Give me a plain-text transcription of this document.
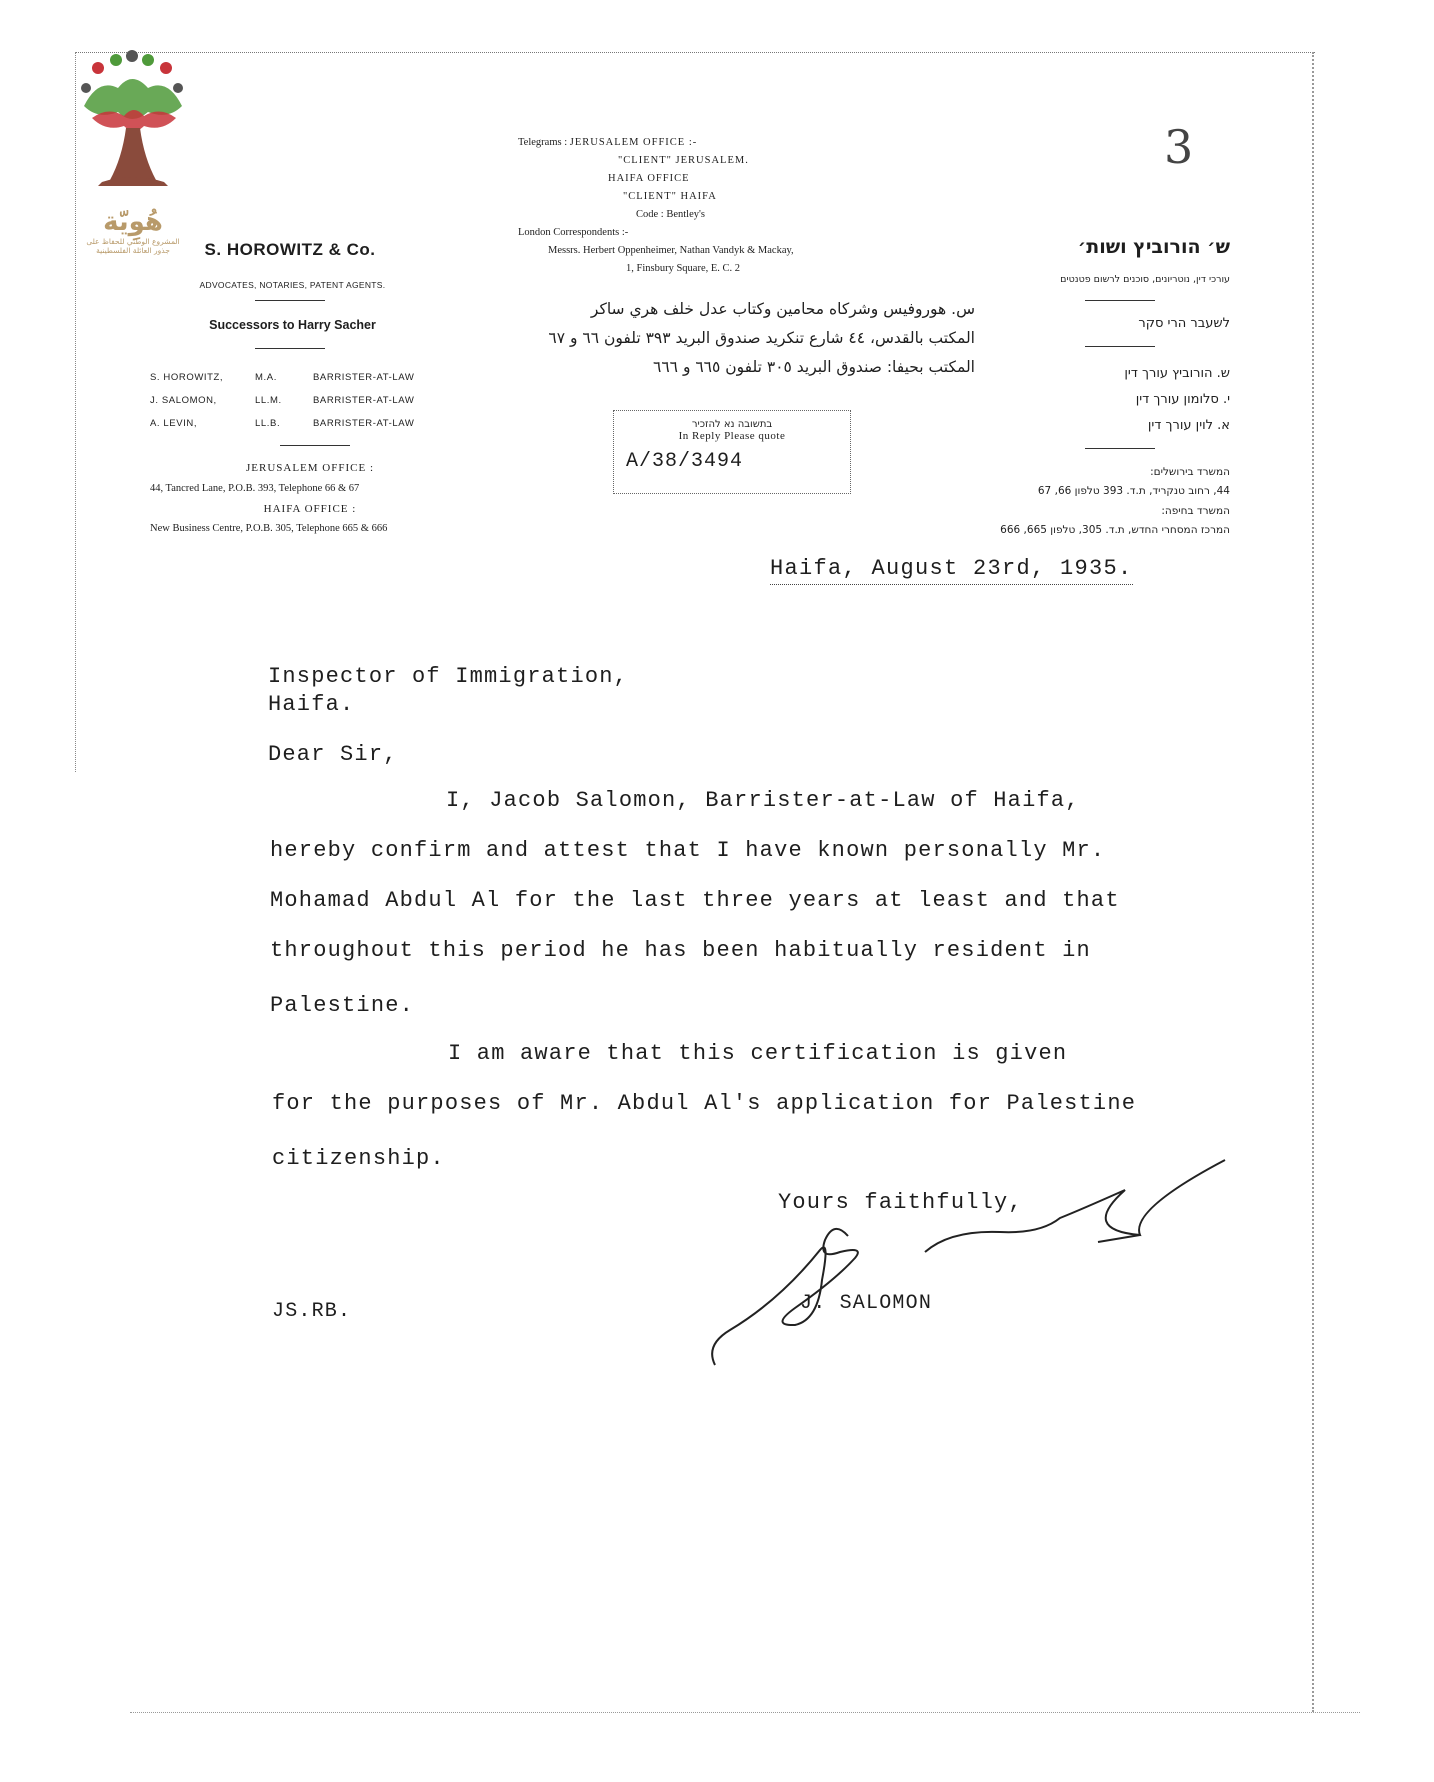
هُوِيّة
المشروع الوطني للحفاظ على
جذور العائلة الفلسطينية	S. HOROWITZ & Co.
ADVOCATES, NOTARIES, PATENT AGENTS.
Successors to Harry Sacher
S. HOROWITZ,	M.A.	BARRISTER-AT-LAW
J. SALOMON,	LL.M.	BARRISTER-AT-LAW
A. LEVIN,	LL.B.	BARRISTER-AT-LAW
JERUSALEM OFFICE :
44, Tancred Lane, P.O.B. 393, Telephone 66 & 67
HAIFA OFFICE :
New Business Centre, P.O.B. 305, Telephone 665 & 666
Telegrams : JERUSALEM OFFICE :-
"CLIENT" JERUSALEM.
HAIFA OFFICE
"CLIENT" HAIFA
Code : Bentley's
London Correspondents :-
Messrs. Herbert Oppenheimer, Nathan Vandyk & Mackay,
1, Finsbury Square, E. C. 2
س. هوروفيس وشركاه محامين وكتاب عدل خلف هري ساكر
المكتب بالقدس، ٤٤ شارع تنكريد صندوق البريد ٣٩٣ تلفون ٦٦ و ٦٧
المكتب بحيفا: صندوق البريد ٣٠٥ تلفون ٦٦٥ و ٦٦٦
בתשובה נא להזכיר
In Reply Please quote
A/38/3494
3
ש׳ הורוביץ ושות׳
עורכי דין, נוטריונים, סוכנים לרשום פטנטים
לשעבר הרי סקר
ש. הורוביץ עורך דין
י. סלומון עורך דין
א. לוין עורך דין
המשרד בירושלים:
44, רחוב טנקריד, ת.ד. 393 טלפון 66, 67
המשרד בחיפה:
המרכז המסחרי החדש, ת.ד. 305, טלפון 665, 666
Haifa, August 23rd, 1935.
Inspector of Immigration,
Haifa.
Dear Sir,
I, Jacob Salomon, Barrister-at-Law of Haifa,
hereby confirm and attest that I have known personally Mr.
Mohamad Abdul Al for the last three years at least and that
throughout this period he has been habitually resident in
Palestine.
I am aware that this certification is given
for the purposes of Mr. Abdul Al's application for Palestine
citizenship.
Yours faithfully,
J. SALOMON
JS.RB.
